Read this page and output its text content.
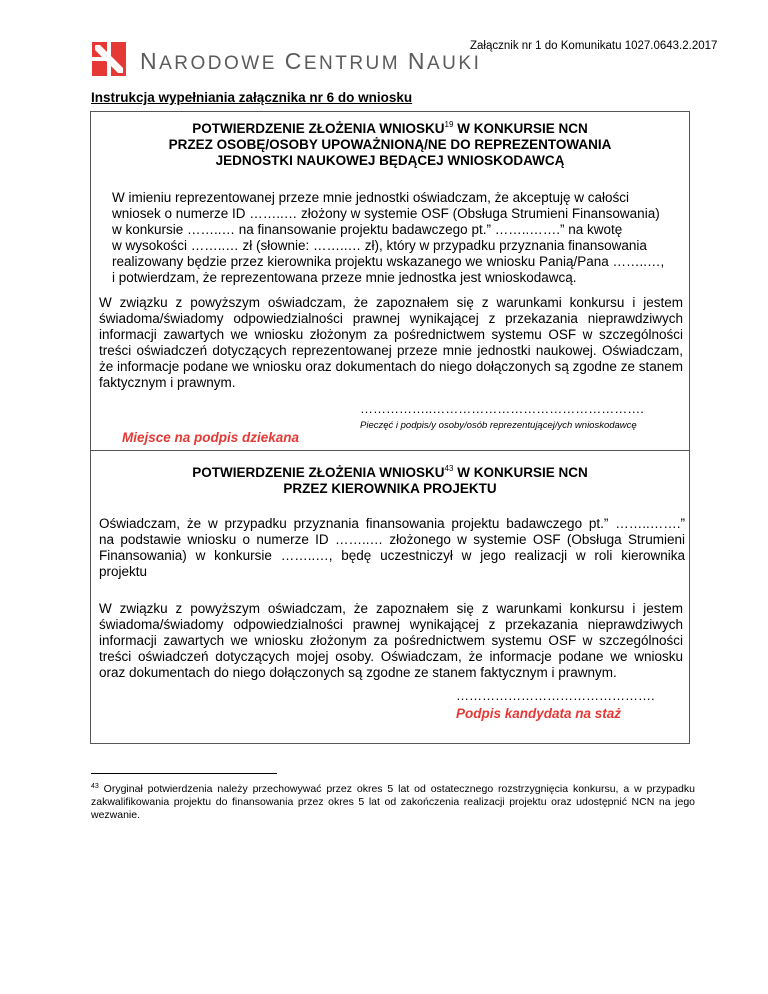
NARODOWE CENTRUM NAUKI
Załącznik nr 1 do Komunikatu 1027.0643.2.2017
Instrukcja wypełniania załącznika nr 6 do wniosku
POTWIERDZENIE ZŁOŻENIA WNIOSKU$^{19}$ W KONKURSIE NCN
PRZEZ OSOBĘ/OSOBY UPOWAŻNIONĄ/NE DO REPREZENTOWANIA
JEDNOSTKI NAUKOWEJ BĘDĄCEJ WNIOSKODAWCĄ
W imieniu reprezentowanej przeze mnie jednostki oświadczam, że akceptuję w całości
wniosek o numerze ID ……..… złożony w systemie OSF (Obsługa Strumieni Finansowania)
w konkursie ……..… na finansowanie projektu badawczego pt.” ……..…….” na kwotę
w wysokości ……..… zł (słownie: ……..… zł), który w przypadku przyznania finansowania
realizowany będzie przez kierownika projektu wskazanego we wniosku Panią/Pana ……..…,
i potwierdzam, że reprezentowana przeze mnie jednostka jest wnioskodawcą.

W związku z powyższym oświadczam, że zapoznałem się z warunkami konkursu i jestem świadoma/świadomy odpowiedzialności prawnej wynikającej z przekazania nieprawdziwych informacji zawartych we wniosku złożonym za pośrednictwem systemu OSF w szczególności treści oświadczeń dotyczących reprezentowanej przeze mnie jednostki naukowej. Oświadczam, że informacje podane we wniosku oraz dokumentach do niego dołączonych są zgodne ze stanem faktycznym i prawnym.

……………..………………………………………….
Pieczęć i podpis/y osoby/osób reprezentującej/ych wnioskodawcę
Miejsce na podpis dziekana
POTWIERDZENIE ZŁOŻENIA WNIOSKU$^{43}$ W KONKURSIE NCN
PRZEZ KIEROWNIKA PROJEKTU
Oświadczam, że w przypadku przyznania finansowania projektu badawczego pt.” ……..…….”
na podstawie wniosku o numerze ID ……..… złożonego w systemie OSF (Obsługa Strumieni
Finansowania) w konkursie ……..…, będę uczestniczył w jego realizacji w roli kierownika
projektu

W związku z powyższym oświadczam, że zapoznałem się z warunkami konkursu i jestem świadoma/świadomy odpowiedzialności prawnej wynikającej z przekazania nieprawdziwych informacji zawartych we wniosku złożonym za pośrednictwem systemu OSF w szczególności treści oświadczeń dotyczących mojej osoby. Oświadczam, że informacje podane we wniosku oraz dokumentach do niego dołączonych są zgodne ze stanem faktycznym i prawnym.

……………………………………….
Podpis kandydata na staż
$^{43}$ Oryginał potwierdzenia należy przechowywać przez okres 5 lat od ostatecznego rozstrzygnięcia konkursu, a w przypadku zakwalifikowania projektu do finansowania przez okres 5 lat od zakończenia realizacji projektu oraz udostępnić NCN na jego wezwanie.
